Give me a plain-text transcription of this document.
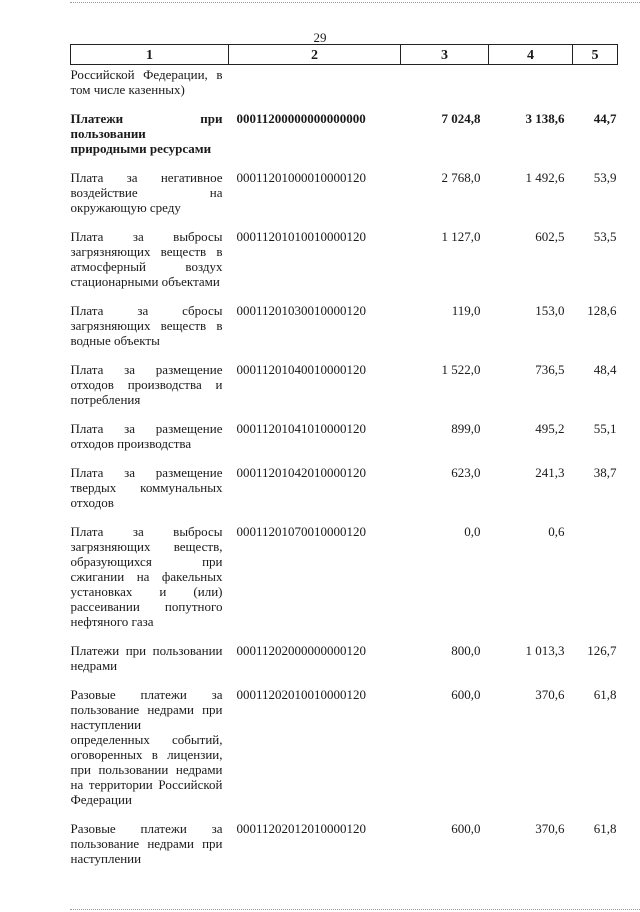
29
1	2	3	4	5
Российской Федерации, в том числе казенных)				
Платежи при пользовании природными ресурсами	00011200000000000000	7 024,8	3 138,6	44,7
Плата за негативное воздействие на окружающую среду	00011201000010000120	2 768,0	1 492,6	53,9
Плата за выбросы загрязняющих веществ в атмосферный воздух стационарными объектами	00011201010010000120	1 127,0	602,5	53,5
Плата за сбросы загрязняющих веществ в водные объекты	00011201030010000120	119,0	153,0	128,6
Плата за размещение отходов производства и потребления	00011201040010000120	1 522,0	736,5	48,4
Плата за размещение отходов производства	00011201041010000120	899,0	495,2	55,1
Плата за размещение твердых коммунальных отходов	00011201042010000120	623,0	241,3	38,7
Плата за выбросы загрязняющих веществ, образующихся при сжигании на факельных установках и (или) рассеивании попутного нефтяного газа	00011201070010000120	0,0	0,6	
Платежи при пользовании недрами	00011202000000000120	800,0	1 013,3	126,7
Разовые платежи за пользование недрами при наступлении определенных событий, оговоренных в лицензии, при пользовании недрами на территории Российской Федерации	00011202010010000120	600,0	370,6	61,8
Разовые платежи за пользование недрами при наступлении	00011202012010000120	600,0	370,6	61,8
